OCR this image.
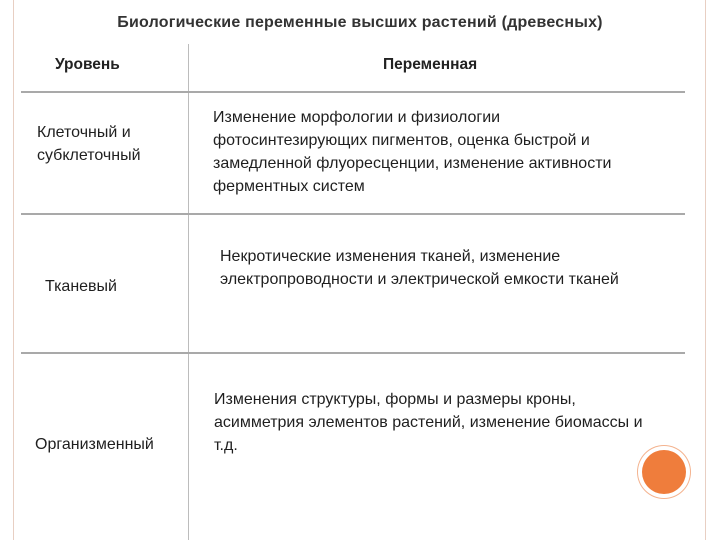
Биологические переменные высших растений (древесных)
Уровень	Переменная
Клеточный и субклеточный
Изменение морфологии и физиологии фотосинтезирующих пигментов, оценка быстрой и замедленной флуоресценции, изменение активности ферментных систем
Тканевый
Некротические изменения тканей, изменение электропроводности и электрической емкости тканей
Организменный
Изменения структуры, формы и размеры кроны, асимметрия элементов растений, изменение биомассы и т.д.
